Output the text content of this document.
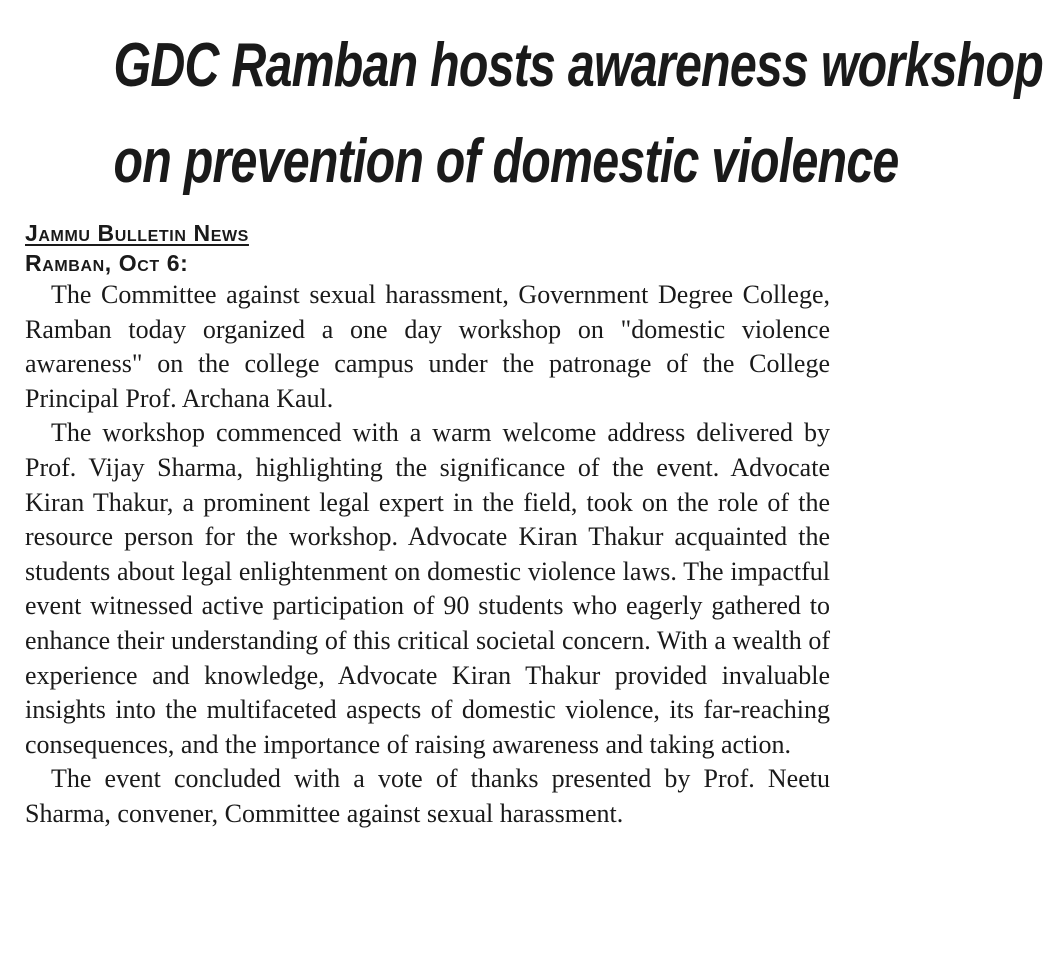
GDC Ramban hosts awareness workshop
on prevention of domestic violence
Jammu Bulletin News
Ramban, Oct 6:

The Committee against sexual harassment, Government Degree College, Ramban today organized a one day workshop on "domestic violence awareness" on the college campus under the patronage of the College Principal Prof. Archana Kaul.

The workshop commenced with a warm welcome address delivered by Prof. Vijay Sharma, highlighting the significance of the event. Advocate Kiran Thakur, a prominent legal expert in the field, took on the role of the resource person for the workshop. Advocate Kiran Thakur acquainted the students about legal enlightenment on domestic violence laws. The impactful event witnessed active participation of 90 students who eagerly gathered to enhance their understanding of this critical societal concern. With a wealth of experience and knowledge, Advocate Kiran Thakur provided invaluable insights into the multifaceted aspects of domestic violence, its far-reaching consequences, and the importance of raising awareness and taking action.

The event concluded with a vote of thanks presented by Prof. Neetu Sharma, convener, Committee against sexual harassment.
